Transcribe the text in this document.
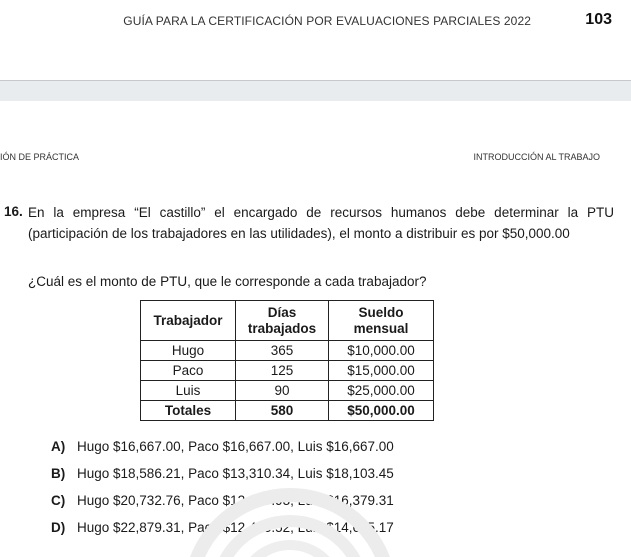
GUÍA PARA LA CERTIFICACIÓN POR EVALUACIONES PARCIALES 2022	103
IÓN DE PRÁCTICA	INTRODUCCIÓN AL TRABAJO
16. En la empresa “El castillo” el encargado de recursos humanos debe determinar la PTU (participación de los trabajadores en las utilidades), el monto a distribuir es por $50,000.00
¿Cuál es el monto de PTU, que le corresponde a cada trabajador?
Trabajador	Días trabajados	Sueldo mensual
Hugo	365	$10,000.00
Paco	125	$15,000.00
Luis	90	$25,000.00
Totales	580	$50,000.00
A) Hugo $16,667.00, Paco $16,667.00, Luis $16,667.00
B) Hugo $18,586.21, Paco $13,310.34, Luis $18,103.45
C) Hugo $20,732.76, Paco $12,887.93, Luis $16,379.31
D) Hugo $22,879.31, Paco $12,465.52, Luis $14,655.17
